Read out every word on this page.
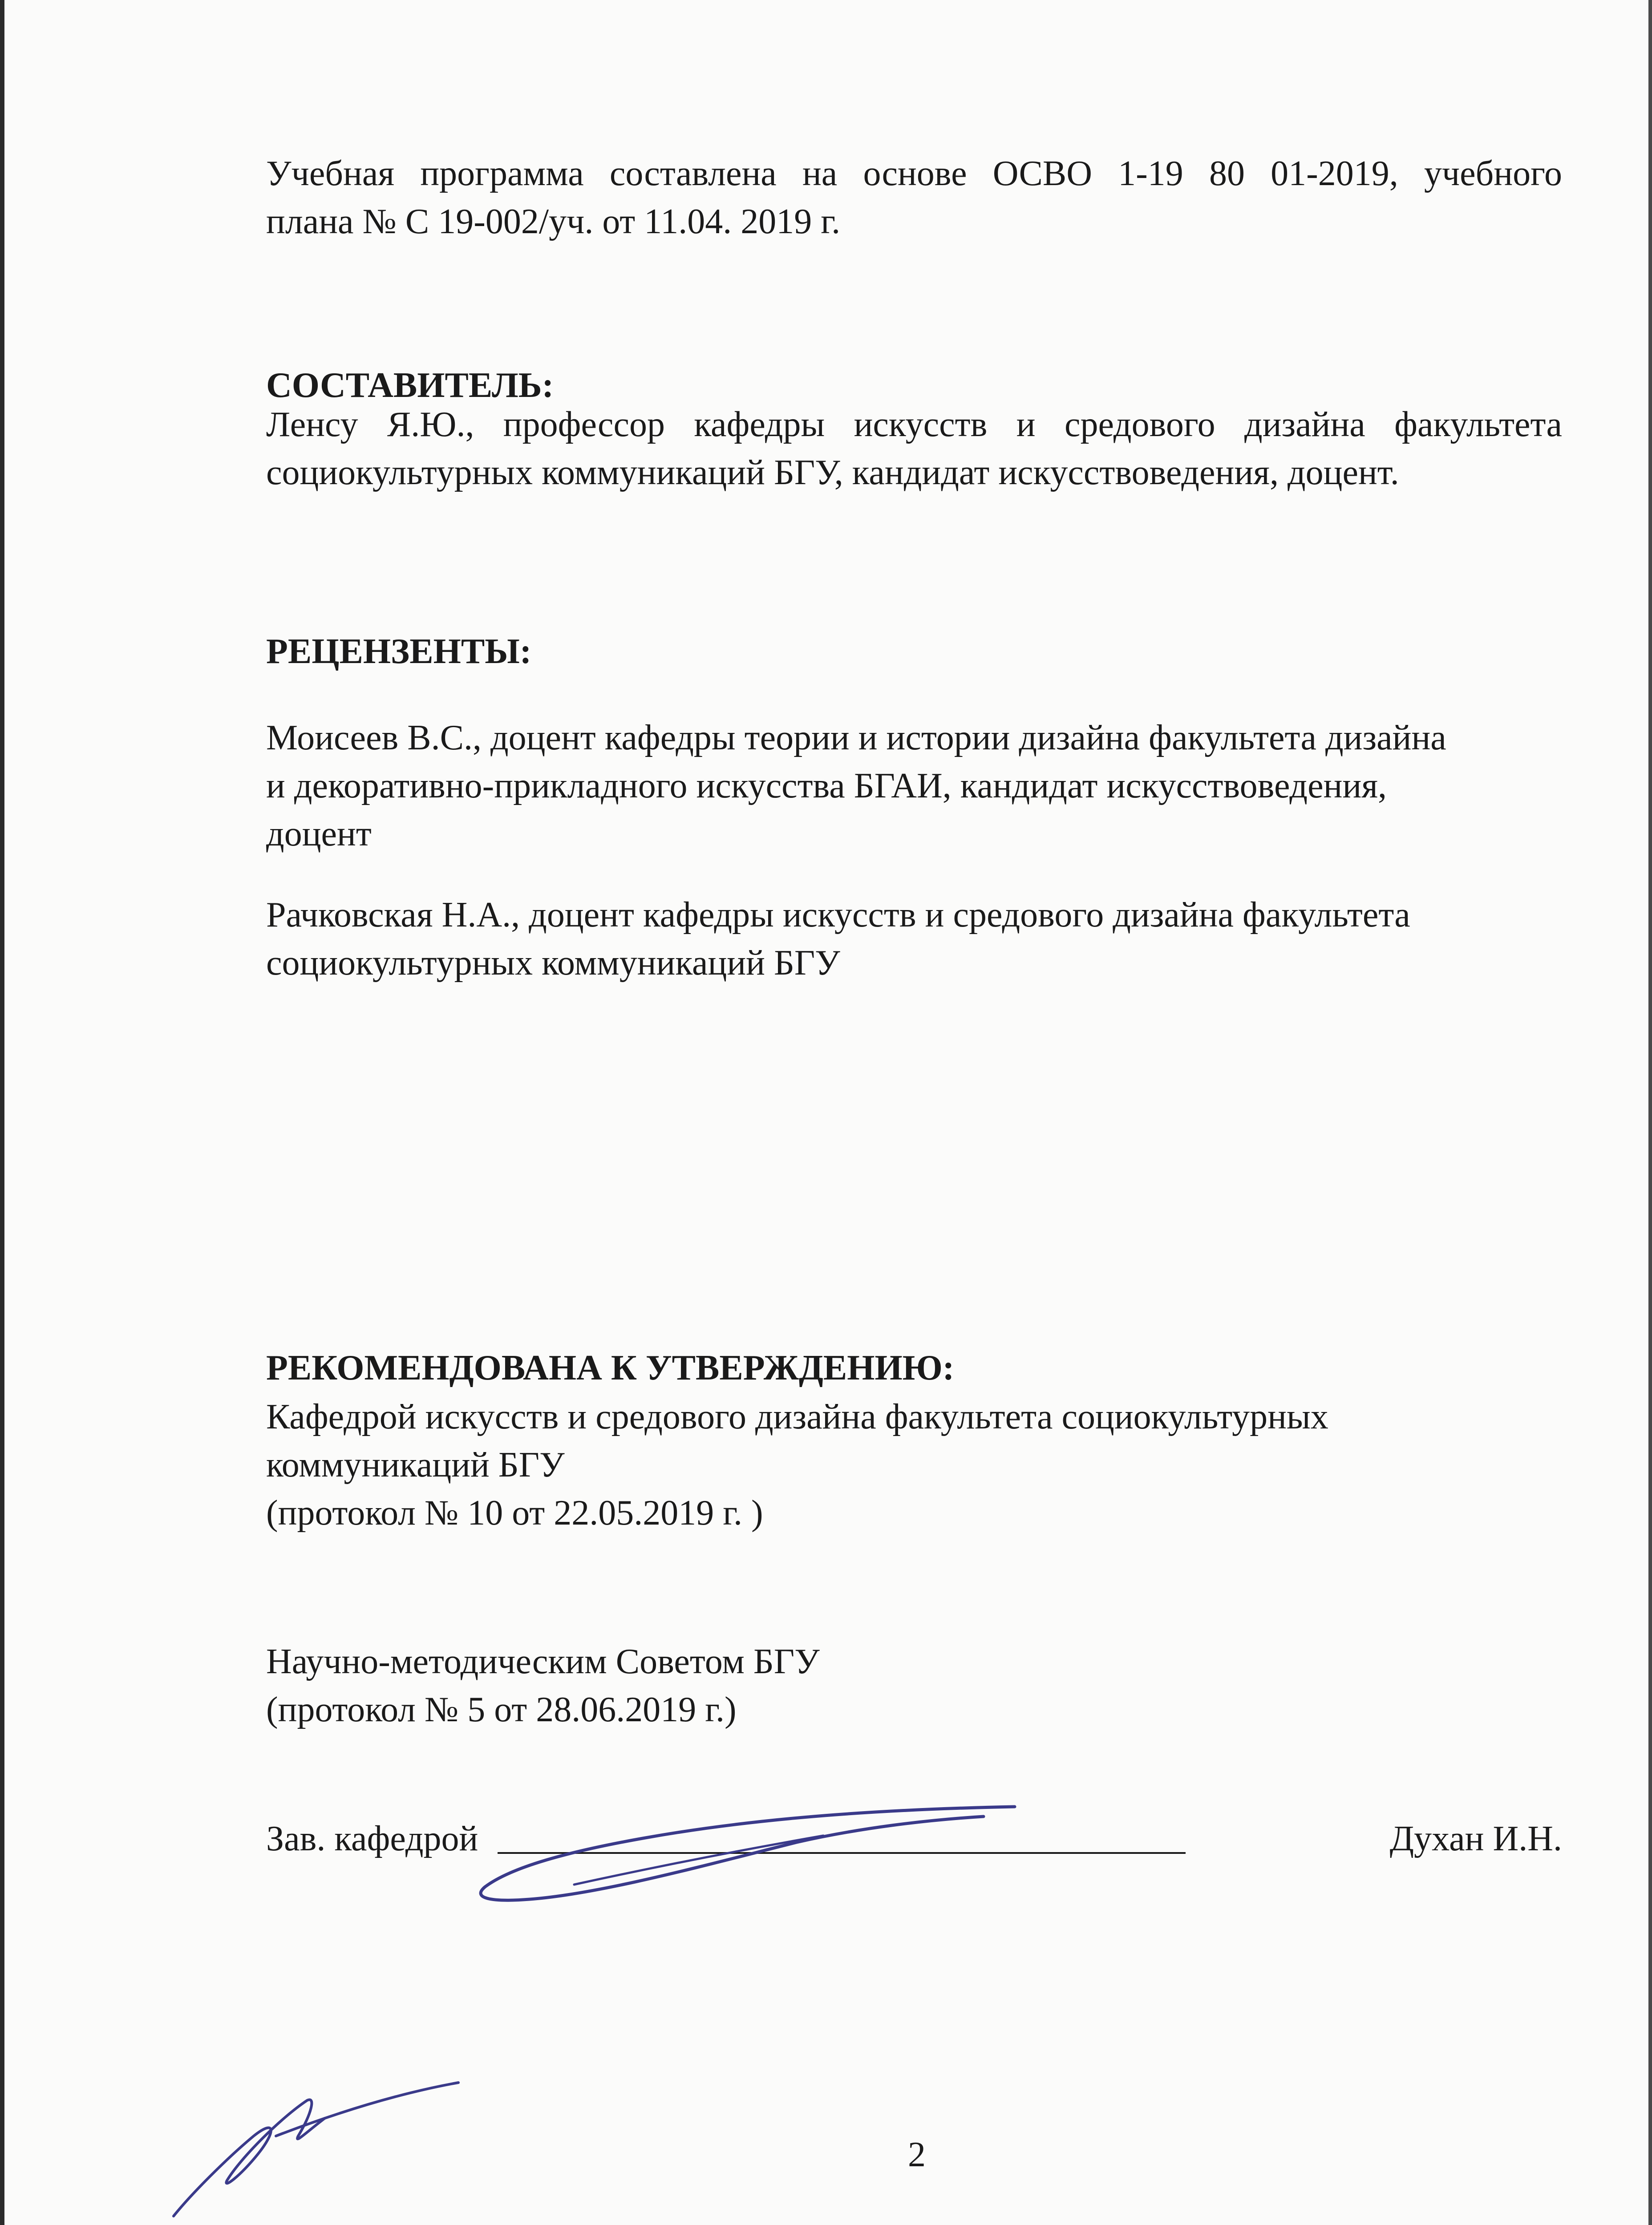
Учебная программа составлена на основе ОСВО 1-19 80 01-2019, учебного
плана № С 19-002/уч. от 11.04. 2019 г.

СОСТАВИТЕЛЬ:

Ленсу Я.Ю., профессор кафедры искусств и средового дизайна факультета
социокультурных коммуникаций БГУ, кандидат искусствоведения, доцент.

РЕЦЕНЗЕНТЫ:

Моисеев В.С., доцент кафедры теории и истории дизайна факультета дизайна
и декоративно-прикладного искусства БГАИ, кандидат искусствоведения,
доцент

Рачковская Н.А., доцент кафедры искусств и средового дизайна факультета
социокультурных коммуникаций БГУ

РЕКОМЕНДОВАНА К УТВЕРЖДЕНИЮ:

Кафедрой искусств и средового дизайна факультета социокультурных
коммуникаций БГУ
(протокол № 10 от 22.05.2019 г. )

Научно-методическим Советом БГУ
(протокол № 5 от 28.06.2019 г.)

Зав. кафедрой	Духан И.Н.
2
